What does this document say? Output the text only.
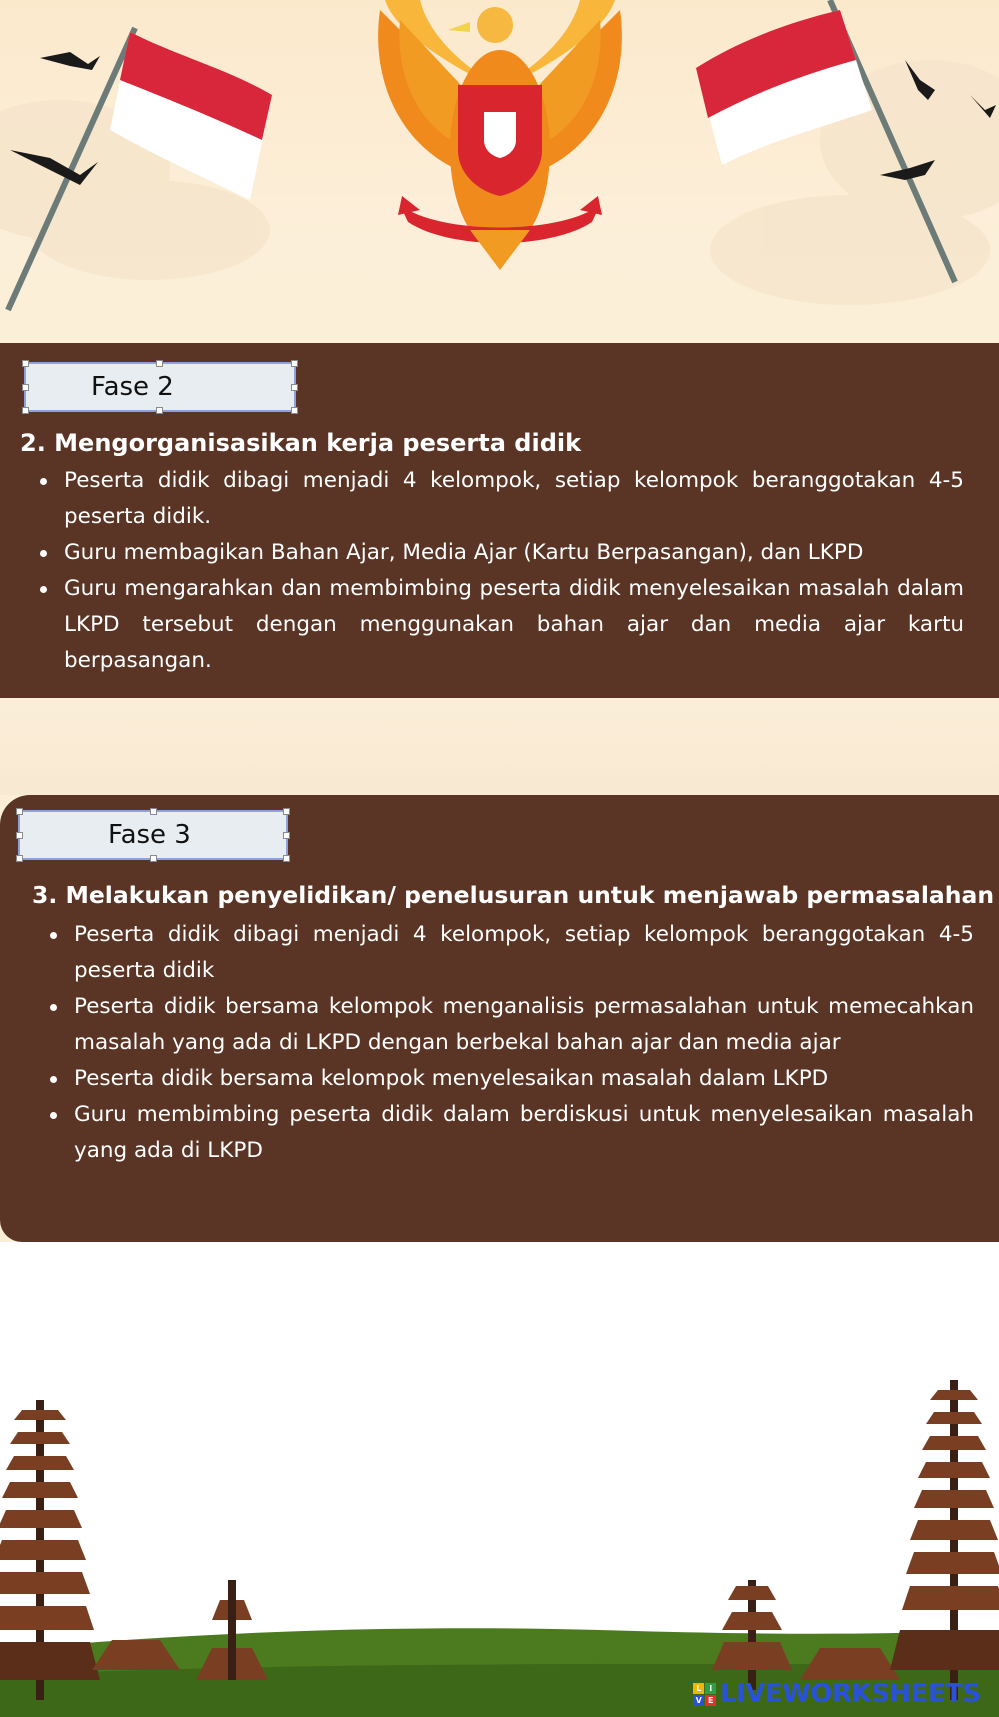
Fase 2
2. Mengorganisasikan kerja peserta didik
Peserta didik dibagi menjadi 4 kelompok, setiap kelompok beranggotakan 4-5 peserta didik.
Guru membagikan Bahan Ajar, Media Ajar (Kartu Berpasangan), dan LKPD
Guru mengarahkan dan membimbing peserta didik menyelesaikan masalah dalam LKPD tersebut dengan menggunakan bahan ajar dan media ajar kartu berpasangan.
Fase 3
3. Melakukan penyelidikan/ penelusuran untuk menjawab permasalahan
Peserta didik dibagi menjadi 4 kelompok, setiap kelompok beranggotakan 4-5 peserta didik
Peserta didik bersama kelompok menganalisis permasalahan untuk memecahkan masalah yang ada di LKPD dengan berbekal bahan ajar dan media ajar
Peserta didik bersama kelompok menyelesaikan masalah dalam LKPD
Guru membimbing peserta didik dalam berdiskusi untuk menyelesaikan masalah yang ada di LKPD
L	I
V E LIVEWORKSHEETS
